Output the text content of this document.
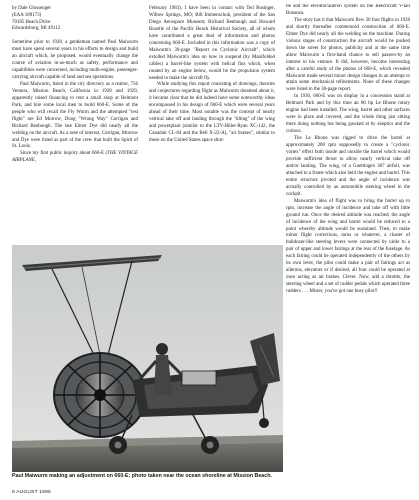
by Dale Glossenger
(EAA 189173)
70185 Beach Drive
Edwardsburg, MI 49112

Sometime prior to 1928, a gentleman named Paul Maiwurm must have spent several years in his efforts to design and build an aircraft which, he proposed, would eventually change the course of aviation in-as-much as safety, performance and capabilities were concerned, including multi-engine, passenger-carrying aircraft capable of land and sea operations.

Paul Maiwurm, listed in the city directory as a realtor, 756 Ventura, Mission Beach, California in 1928 and 1929, apparently raised financing to rent a small shop at Belmont Park, and hire some local men to build 660-E. Some of the people who will recall the Fly Wurm and the attempted "test flight" are Ed Morrow, Doug "Wrong Way" Corrigan and Richard Benbough. The late Elmer Dye did nearly all the welding on the aircraft. As a note of interest, Corrigan, Morrow and Dye were listed as part of the crew that built the Spirit of St. Louis.

Since my first public inquiry about 660-E (THE VINTAGE AIRPLANE,

February 1983), I have been in contact with Ted Businger, Willow Springs, MO; Bill Immenschuh, president of the San Diego Aerospace Museum; Richard Benbough and Howard Rozelle of the Pacific Beach Historical Society, all of whom have contributed a great deal of information and photos concerning 660-E. Included in this information was a copy of Maiwurm's 30-page "Report on Cyclonic Aircraft", which extolled Maiwurm's idea on how to suspend (by Manifolded cables) a barrel-like system with helical fins which, when rotated by an engine below, would be the propulsion system needed to make the aircraft fly.

While studying this report consisting of drawings, theories and conjectures regarding flight as Maiwurm dreamed about it, it became clear that he did indeed have some noteworthy ideas encompassed in his design of 660-E which were several years ahead of their time. Most notable was the concept of nearly vertical take off and landing through the "tilting" of the wing and powerplant (similar to the LTV-Hiller-Ryan XC-142, the Canadair CL-84 and the Bell X-22-A), "air brakes", similar to those on the United States space shut-

tle and the elevator/aileron system on the Beechcraft V-tail Bonanza.

The story has it that Maiwurm flew 20 foot flights in 1928 and shortly thereafter commenced construction of 660-E. Elmer Dye did nearly all the welding on the machine. During various stages of construction the aircraft would be pushed down the street for photos, publicity and at the same time allow Maiwurm a first-hand chance to sell passers-by an interest in his venture. It did, however, become interesting after a careful study of the photos of 660-E, which revealed Maiwurm made several minor design changes in an attempt to attain some mechanical refinements. None of these changes were listed in the 30-page report.

In 1930, 660-E was on display in a concession stand at Belmont Park and by this time an 80 hp Le Rhone rotary engine had been installed. The wing, barrel and other surfaces were in place and covered, and the whole thing just sitting there doing nothing but being gawked at by skeptics and the curious.

The Le Rhone was rigged to drive the barrel at approximately 200 rpm supposedly to create a "cyclonic vortex" effect both inside and outside the barrel which would provide sufficient thrust to allow nearly vertical take off and/or landing. The wing, of a Goettingen 387 airfoil, was attached to a frame which also held the engine and barrel. This entire structure pivoted and the angle of incidence was actually controlled by an automobile steering wheel in the cockpit.

Maiwurm's idea of flight was to bring the barrel up to rpm, increase the angle of incidence and take off with little ground run. Once the desired altitude was reached, the angle of incidence of the wing and barrel would be reduced to a point whereby altitude would be sustained. Then, to make minor flight corrections, turns or whatever, a cluster of bulldozer-like steering levers were connected by cable to a pair of upper and lower fairings at the rear of the fuselage. As each fairing could be operated independently of the others by its own lever, the pilot could make a pair of fairings act as ailerons, elevators or if desired, all four could be operated at once acting as air brakes. Clever. Now, add a throttle, the steering wheel and a set of rudder pedals which operated three rudders . . . Mister, you've got one busy pilot!!

Paul Maiwurm making an adjustment on 660-E; photo taken near the ocean shoreline at Mission Beach.

8 AUGUST 1985
